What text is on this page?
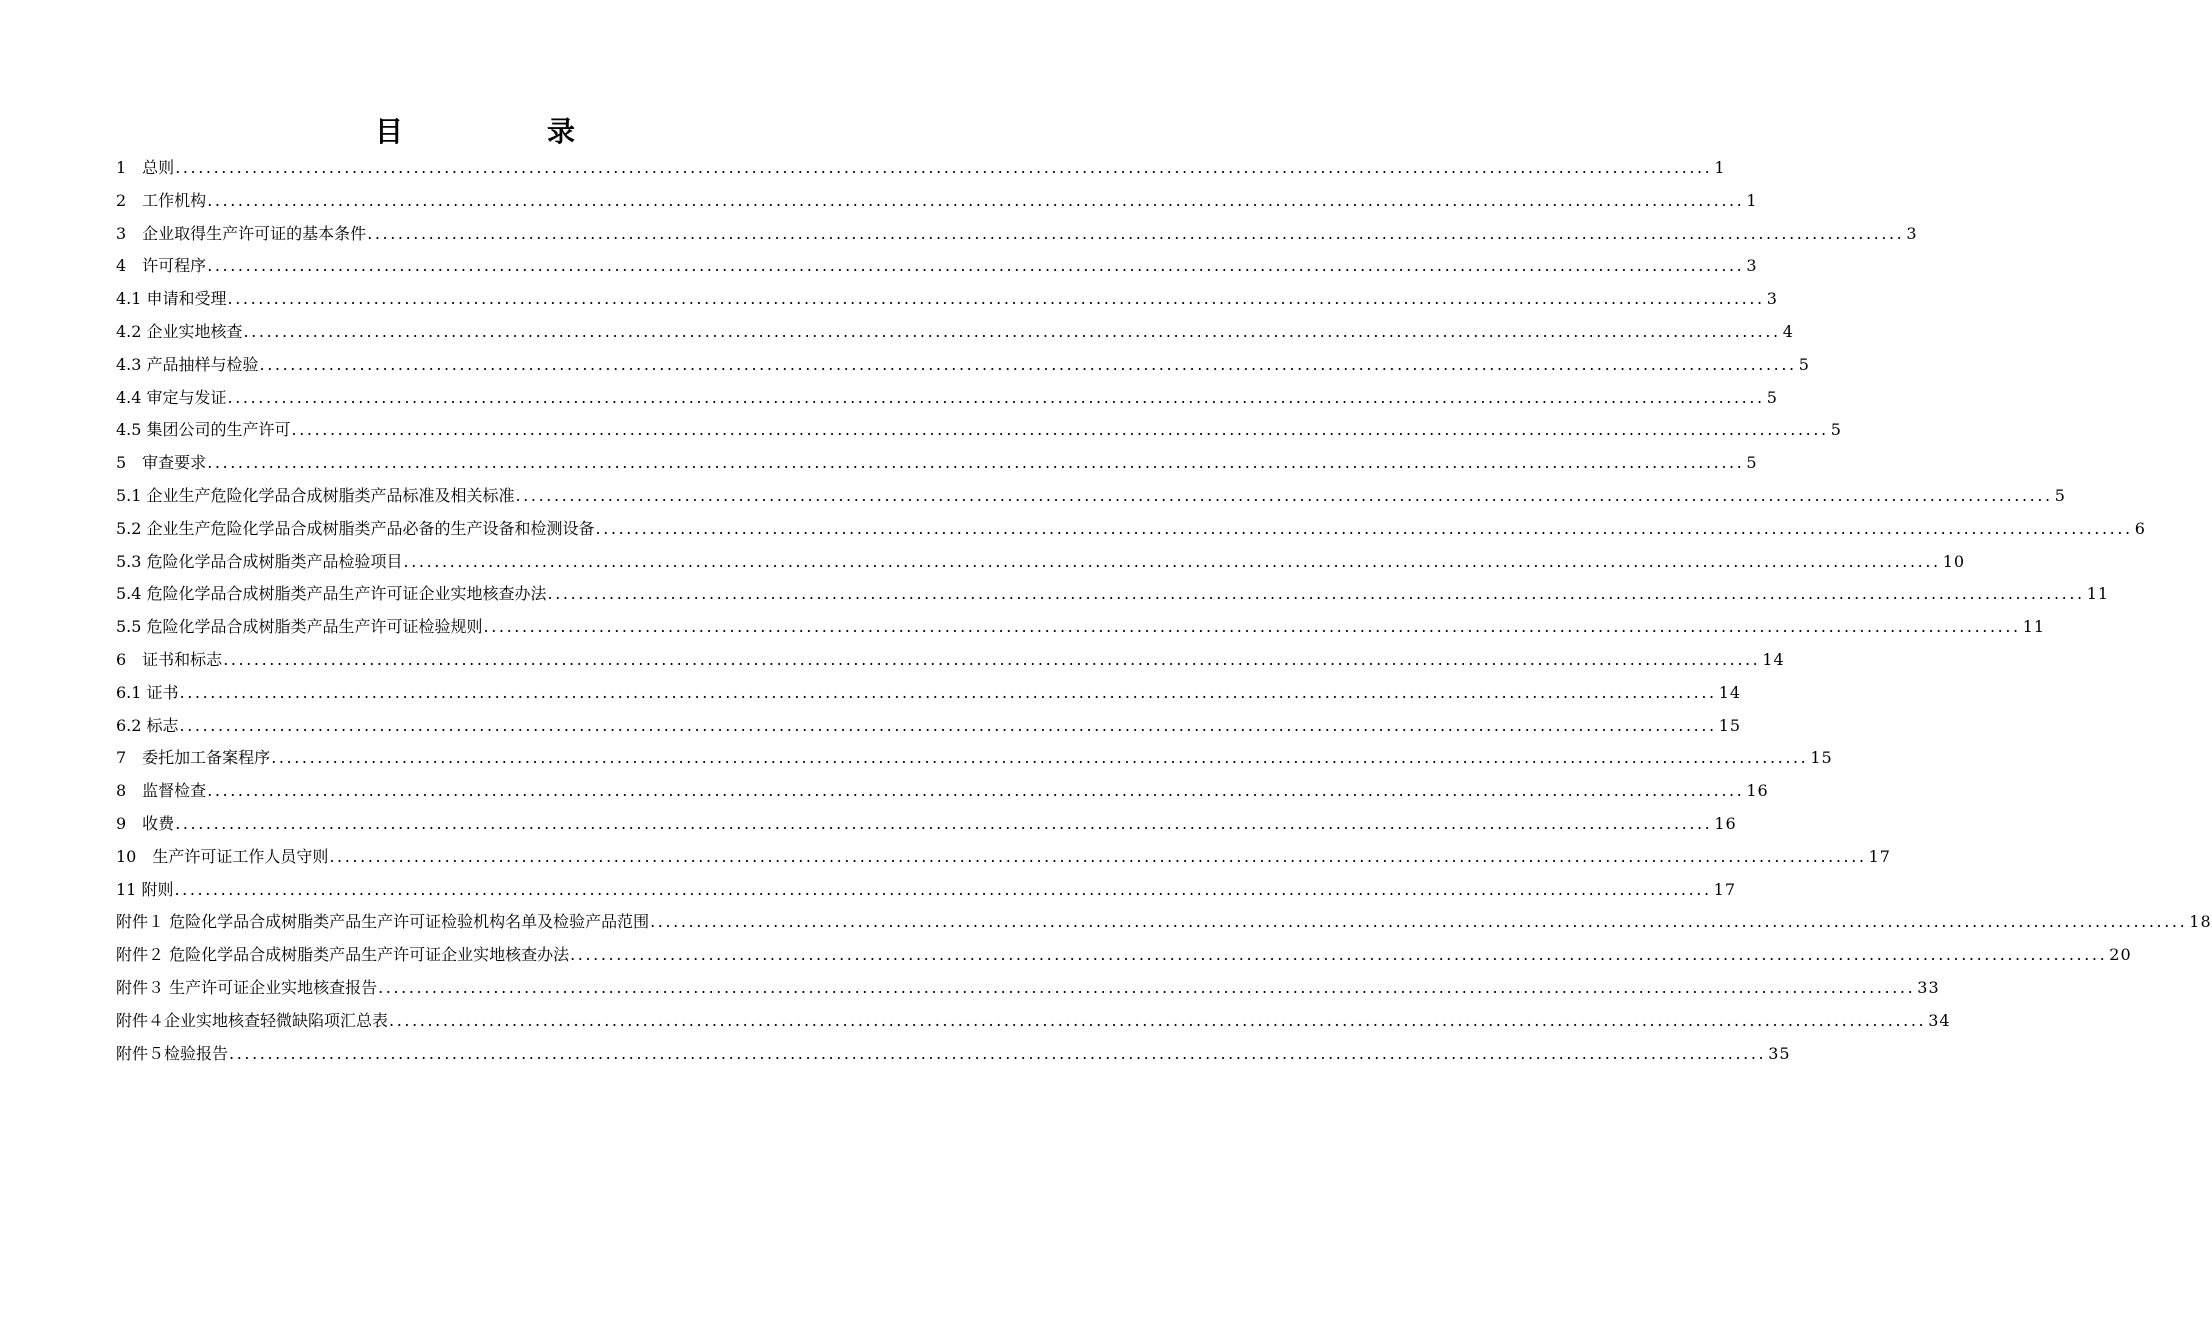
目　录
1　总则 ........................................................................................................................................................................................................ 1
2　工作机构 ........................................................................................................................................................................................................ 1
3　企业取得生产许可证的基本条件 ........................................................................................................................................................................................................ 3
4　许可程序 ........................................................................................................................................................................................................ 3
4.1 申请和受理 ........................................................................................................................................................................................................ 3
4.2 企业实地核查 ........................................................................................................................................................................................................ 4
4.3 产品抽样与检验 ........................................................................................................................................................................................................ 5
4.4 审定与发证 ........................................................................................................................................................................................................ 5
4.5 集团公司的生产许可 ........................................................................................................................................................................................................ 5
5　审查要求 ........................................................................................................................................................................................................ 5
5.1 企业生产危险化学品合成树脂类产品标准及相关标准 ........................................................................................................................................................................................................ 5
5.2 企业生产危险化学品合成树脂类产品必备的生产设备和检测设备 ........................................................................................................................................................................................................ 6
5.3 危险化学品合成树脂类产品检验项目 ........................................................................................................................................................................................................ 10
5.4 危险化学品合成树脂类产品生产许可证企业实地核查办法 ........................................................................................................................................................................................................ 11
5.5 危险化学品合成树脂类产品生产许可证检验规则 ........................................................................................................................................................................................................ 11
6　证书和标志 ........................................................................................................................................................................................................ 14
6.1 证书 ........................................................................................................................................................................................................ 14
6.2 标志 ........................................................................................................................................................................................................ 15
7　委托加工备案程序 ........................................................................................................................................................................................................ 15
8　监督检查 ........................................................................................................................................................................................................ 16
9　收费 ........................................................................................................................................................................................................ 16
10　生产许可证工作人员守则 ........................................................................................................................................................................................................ 17
11 附则 ........................................................................................................................................................................................................ 17
附件１ 危险化学品合成树脂类产品生产许可证检验机构名单及检验产品范围 ........................................................................................................................................................................................................ 18
附件２ 危险化学品合成树脂类产品生产许可证企业实地核查办法 ........................................................................................................................................................................................................ 20
附件３ 生产许可证企业实地核查报告 ........................................................................................................................................................................................................ 33
附件４企业实地核查轻微缺陷项汇总表 ........................................................................................................................................................................................................ 34
附件５检验报告 ........................................................................................................................................................................................................ 35
